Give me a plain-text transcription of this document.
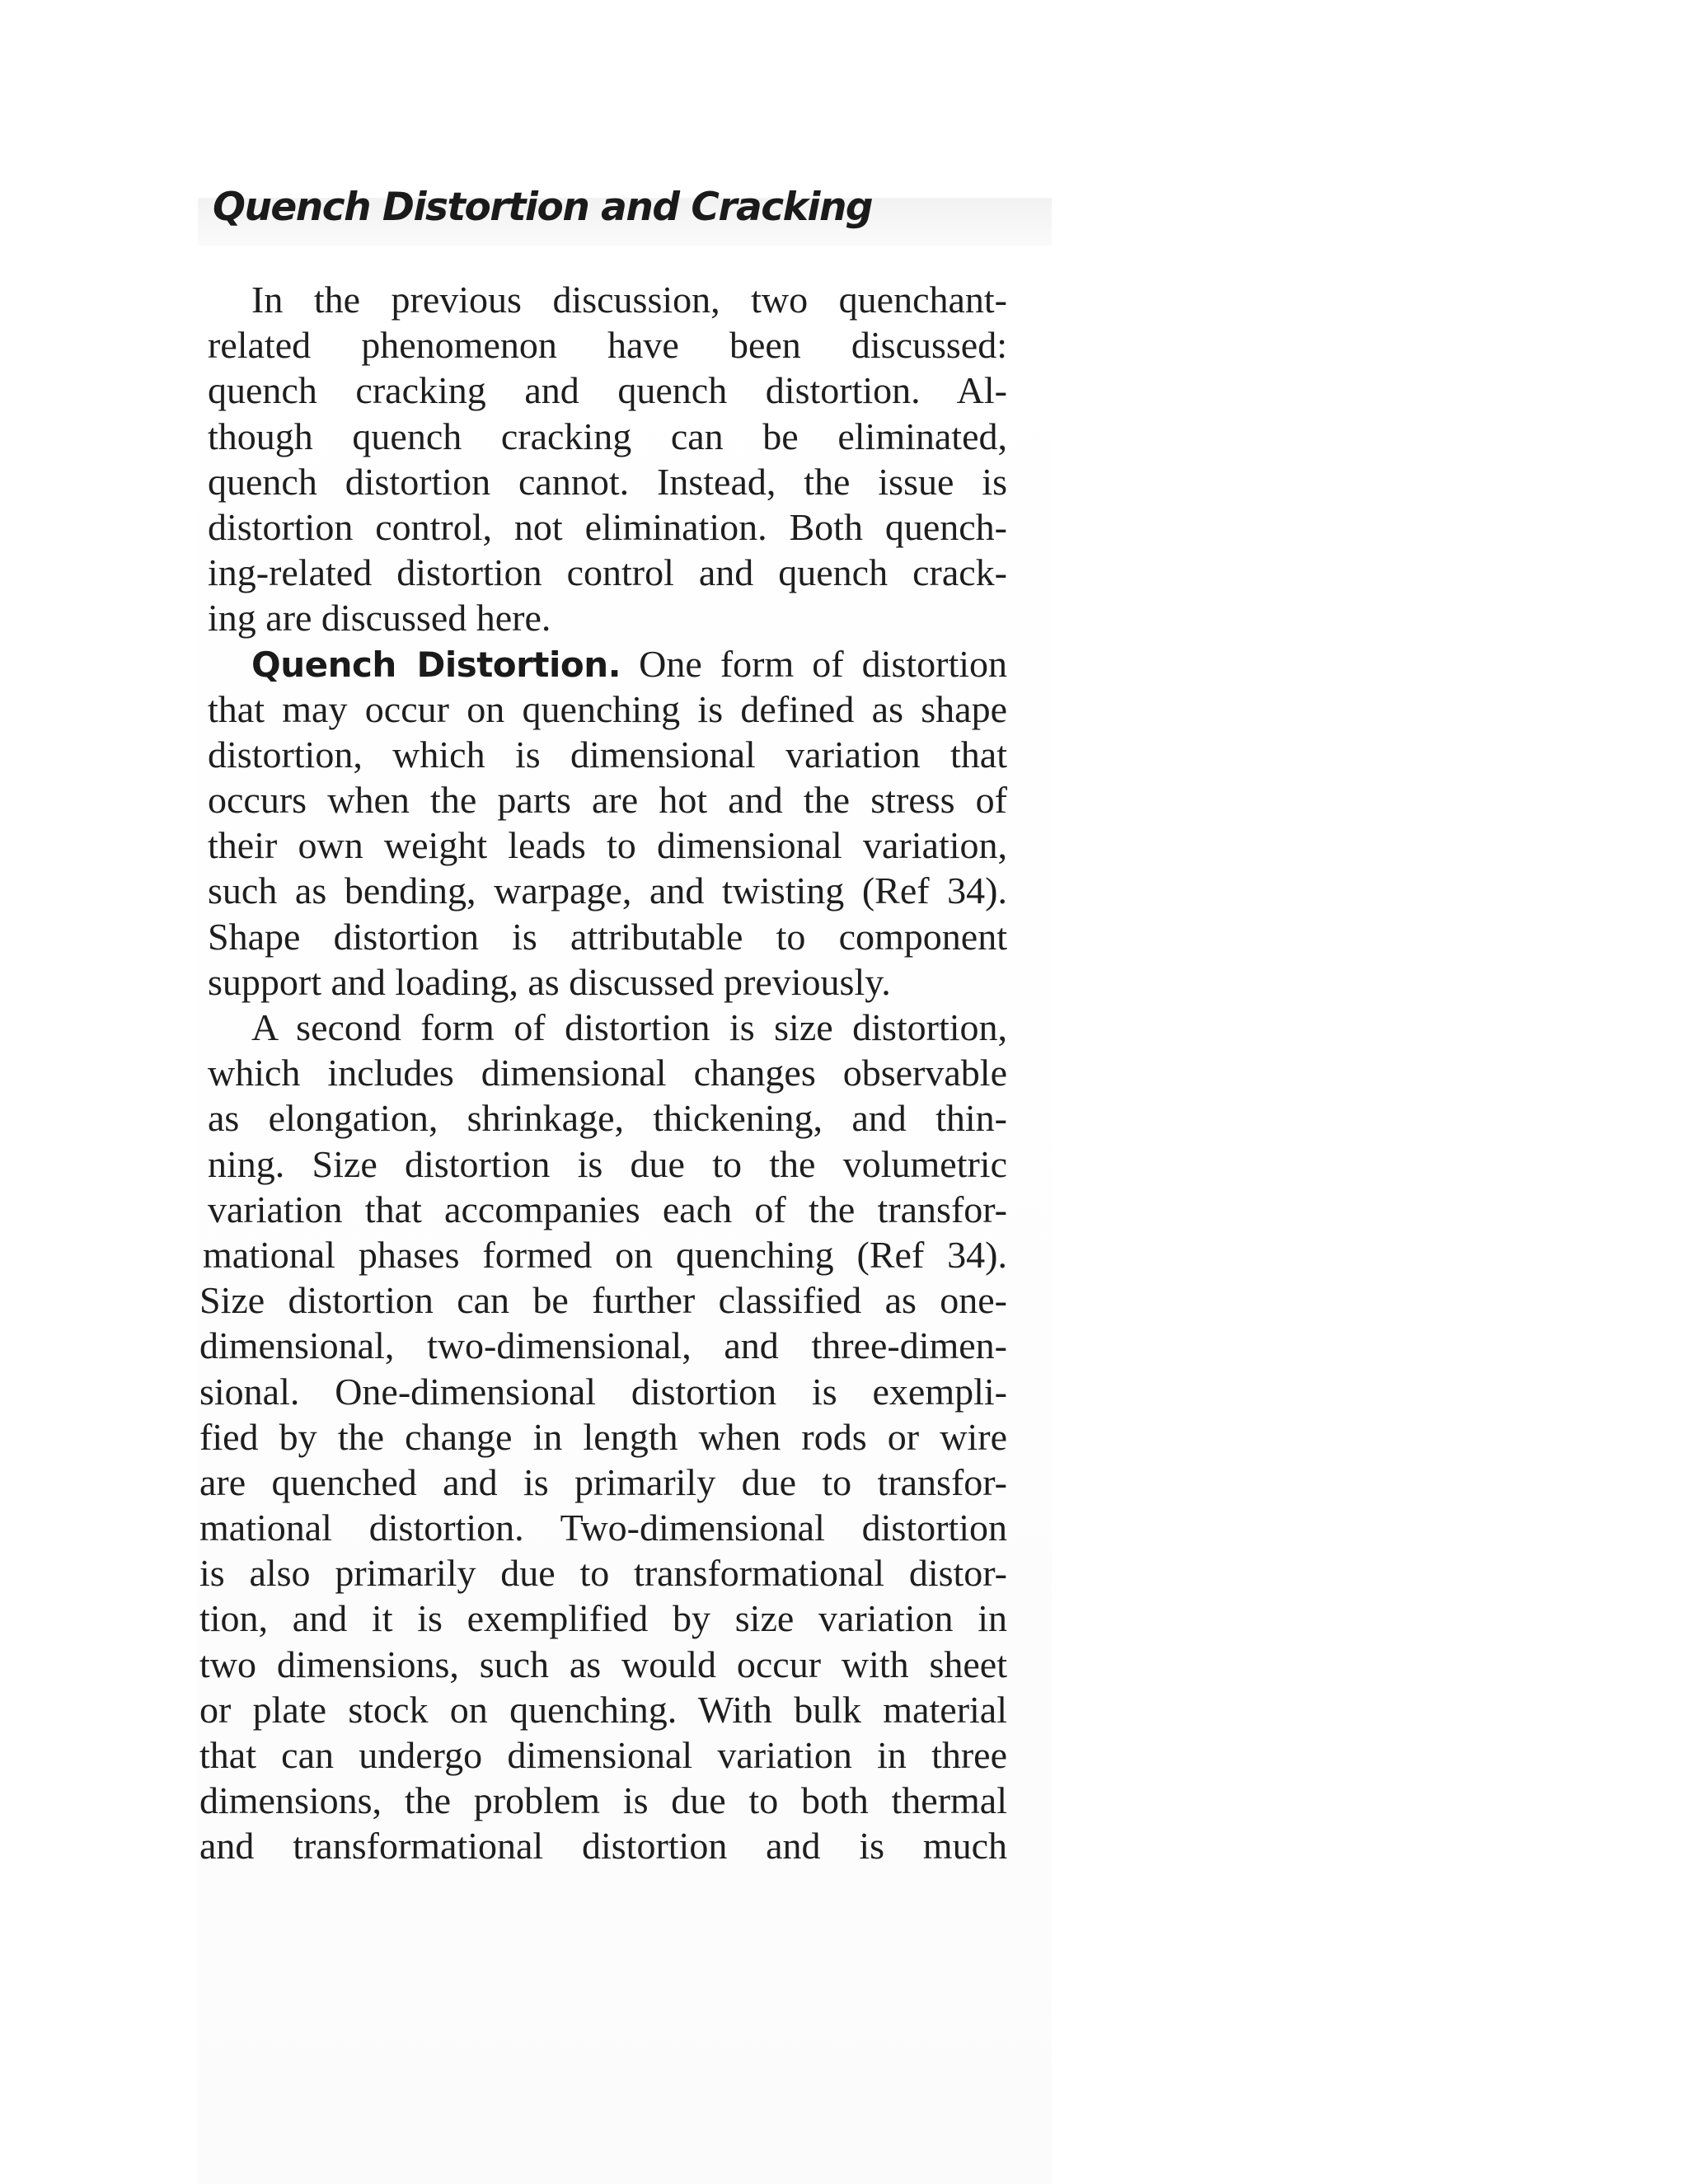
Quench Distortion and Cracking
In the previous discussion, two quenchant-
related phenomenon have been discussed:
quench cracking and quench distortion. Al-
though quench cracking can be eliminated,
quench distortion cannot. Instead, the issue is
distortion control, not elimination. Both quench-
ing-related distortion control and quench crack-
ing are discussed here.
Quench Distortion. One form of distortion
that may occur on quenching is defined as shape
distortion, which is dimensional variation that
occurs when the parts are hot and the stress of
their own weight leads to dimensional variation,
such as bending, warpage, and twisting (Ref 34).
Shape distortion is attributable to component
support and loading, as discussed previously.
A second form of distortion is size distortion,
which includes dimensional changes observable
as elongation, shrinkage, thickening, and thin-
ning. Size distortion is due to the volumetric
variation that accompanies each of the transfor-
mational phases formed on quenching (Ref 34).
Size distortion can be further classified as one-
dimensional, two-dimensional, and three-dimen-
sional. One-dimensional distortion is exempli-
fied by the change in length when rods or wire
are quenched and is primarily due to transfor-
mational distortion. Two-dimensional distortion
is also primarily due to transformational distor-
tion, and it is exemplified by size variation in
two dimensions, such as would occur with sheet
or plate stock on quenching. With bulk material
that can undergo dimensional variation in three
dimensions, the problem is due to both thermal
and transformational distortion and is much
